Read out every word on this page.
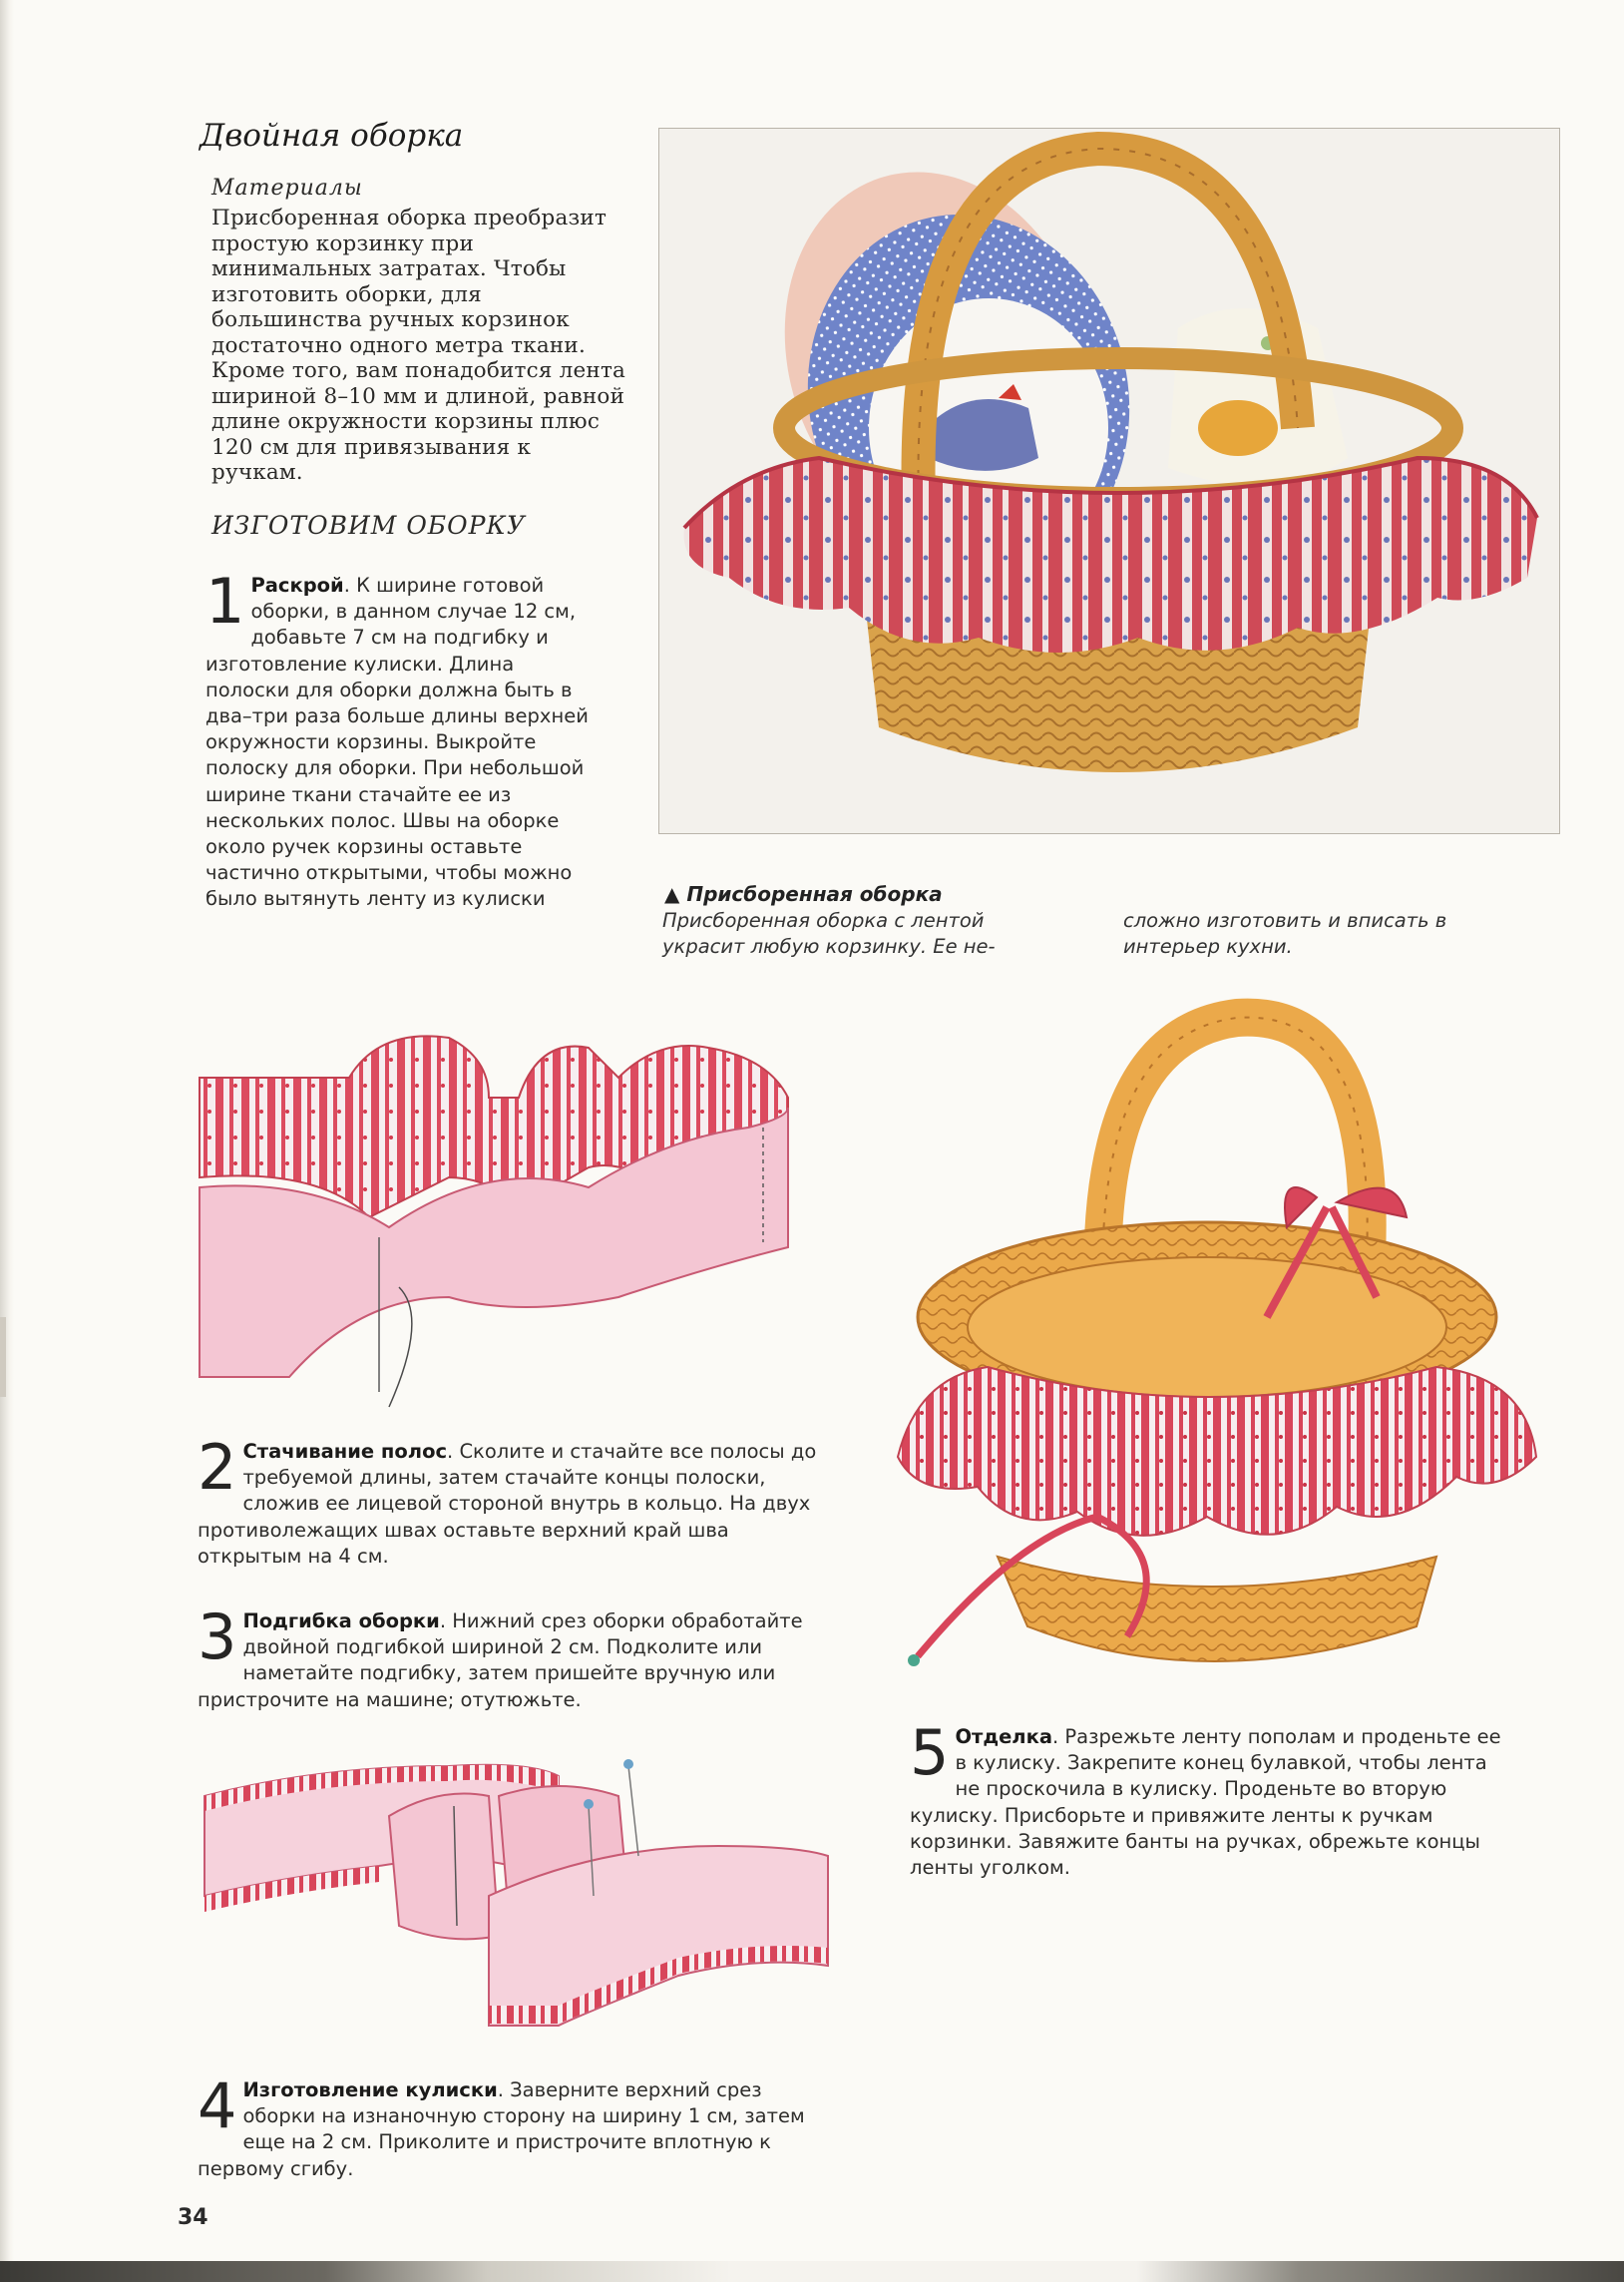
Двойная оборка
Материалы
Присборенная оборка преобразит простую корзинку при минимальных затратах. Чтобы изготовить оборки, для большинства ручных корзинок достаточно одного метра ткани. Кроме того, вам понадобится лента шириной 8–10 мм и длиной, равной длине окружности корзины плюс 120 см для привязывания к ручкам.
ИЗГОТОВИМ ОБОРКУ
1 Раскрой. К ширине готовой оборки, в данном случае 12 см, добавьте 7 см на подгибку и изготовление кулиски. Длина полоски для оборки должна быть в два–три раза больше длины верхней окружности корзины. Выкройте полоску для оборки. При небольшой ширине ткани стачайте ее из нескольких полос. Швы на оборке около ручек корзины оставьте частично открытыми, чтобы можно было вытянуть ленту из кулиски	▲ Присборенная оборка
Присборенная оборка с лентой украсит любую корзинку. Ее не-
сложно изготовить и вписать в интерьер кухни.
2 Стачивание полос. Сколите и стачайте все полосы до требуемой длины, затем стачайте концы полоски, сложив ее лицевой стороной внутрь в кольцо. На двух противолежащих швах оставьте верхний край шва открытым на 4 см.
3 Подгибка оборки. Нижний срез оборки обработайте двойной подгибкой шириной 2 см. Подколите или наметайте подгибку, затем пришейте вручную или пристрочите на машине; отутюжьте.
4 Изготовление кулиски. Заверните верхний срез оборки на изнаночную сторону на ширину 1 см, затем еще на 2 см. Приколите и пристрочите вплотную к первому сгибу.
5 Отделка. Разрежьте ленту пополам и проденьте ее в кулиску. Закрепите конец булавкой, чтобы лента не проскочила в кулиску. Проденьте во вторую кулиску. Присборьте и привяжите ленты к ручкам корзинки. Завяжите банты на ручках, обрежьте концы ленты уголком.
34
